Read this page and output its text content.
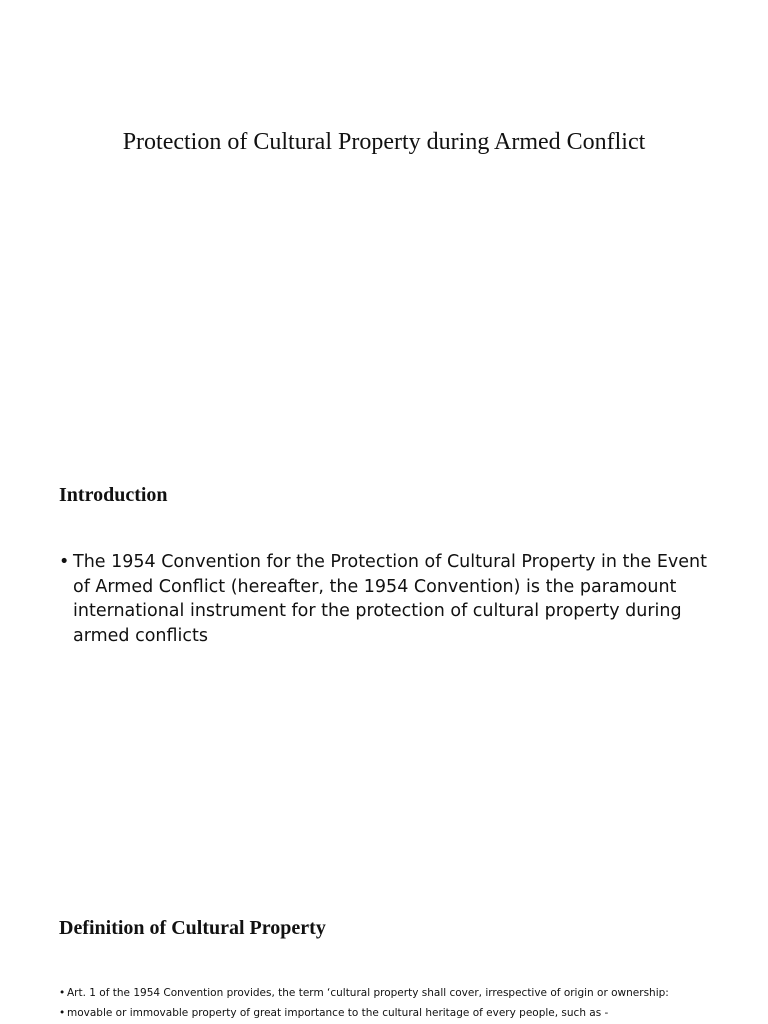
Protection of Cultural Property during Armed Conflict
Introduction
• The 1954 Convention for the Protection of Cultural Property in the Event of Armed Conflict (hereafter, the 1954 Convention) is the paramount international instrument for the protection of cultural property during armed conflicts
Definition of Cultural Property
• Art. 1 of the 1954 Convention provides, the term ‘cultural property shall cover, irrespective of origin or ownership:
• movable or immovable property of great importance to the cultural heritage of every people, such as -
